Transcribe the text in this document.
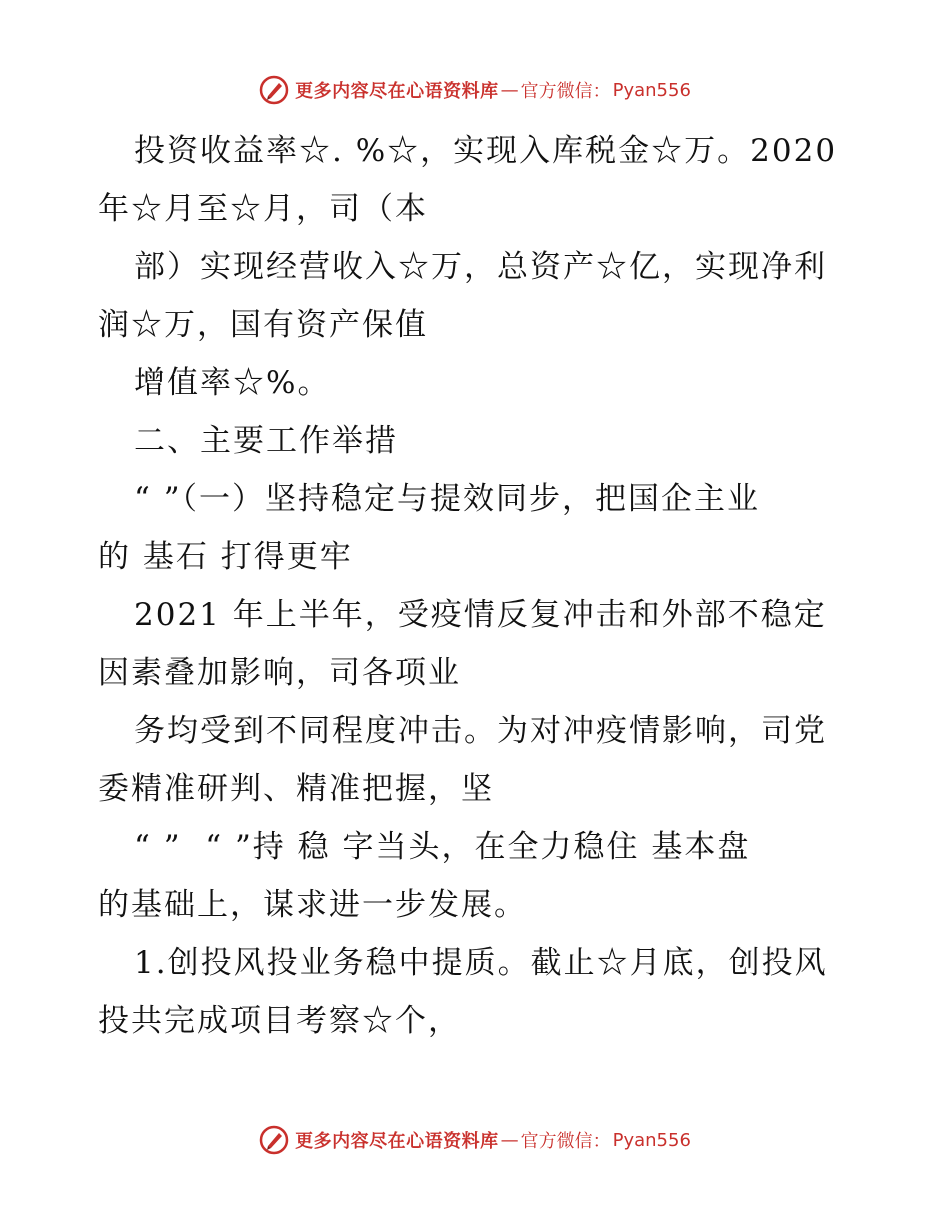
更多内容尽在心语资料库 — 官方微信： Pyan556
投资收益率☆. %☆，实现入库税金☆万。2020
年☆月至☆月，司（本
部）实现经营收入☆万，总资产☆亿，实现净利
润☆万，国有资产保值
增值率☆%。
二、主要工作举措
“ ”（一）坚持稳定与提效同步，把国企主业
的 基石 打得更牢
2021 年上半年，受疫情反复冲击和外部不稳定
因素叠加影响，司各项业
务均受到不同程度冲击。为对冲疫情影响，司党
委精准研判、精准把握，坚
“ ”  “ ”持 稳 字当头，在全力稳住 基本盘
的基础上，谋求进一步发展。
1.创投风投业务稳中提质。截止☆月底，创投风
投共完成项目考察☆个，
更多内容尽在心语资料库 — 官方微信： Pyan556
